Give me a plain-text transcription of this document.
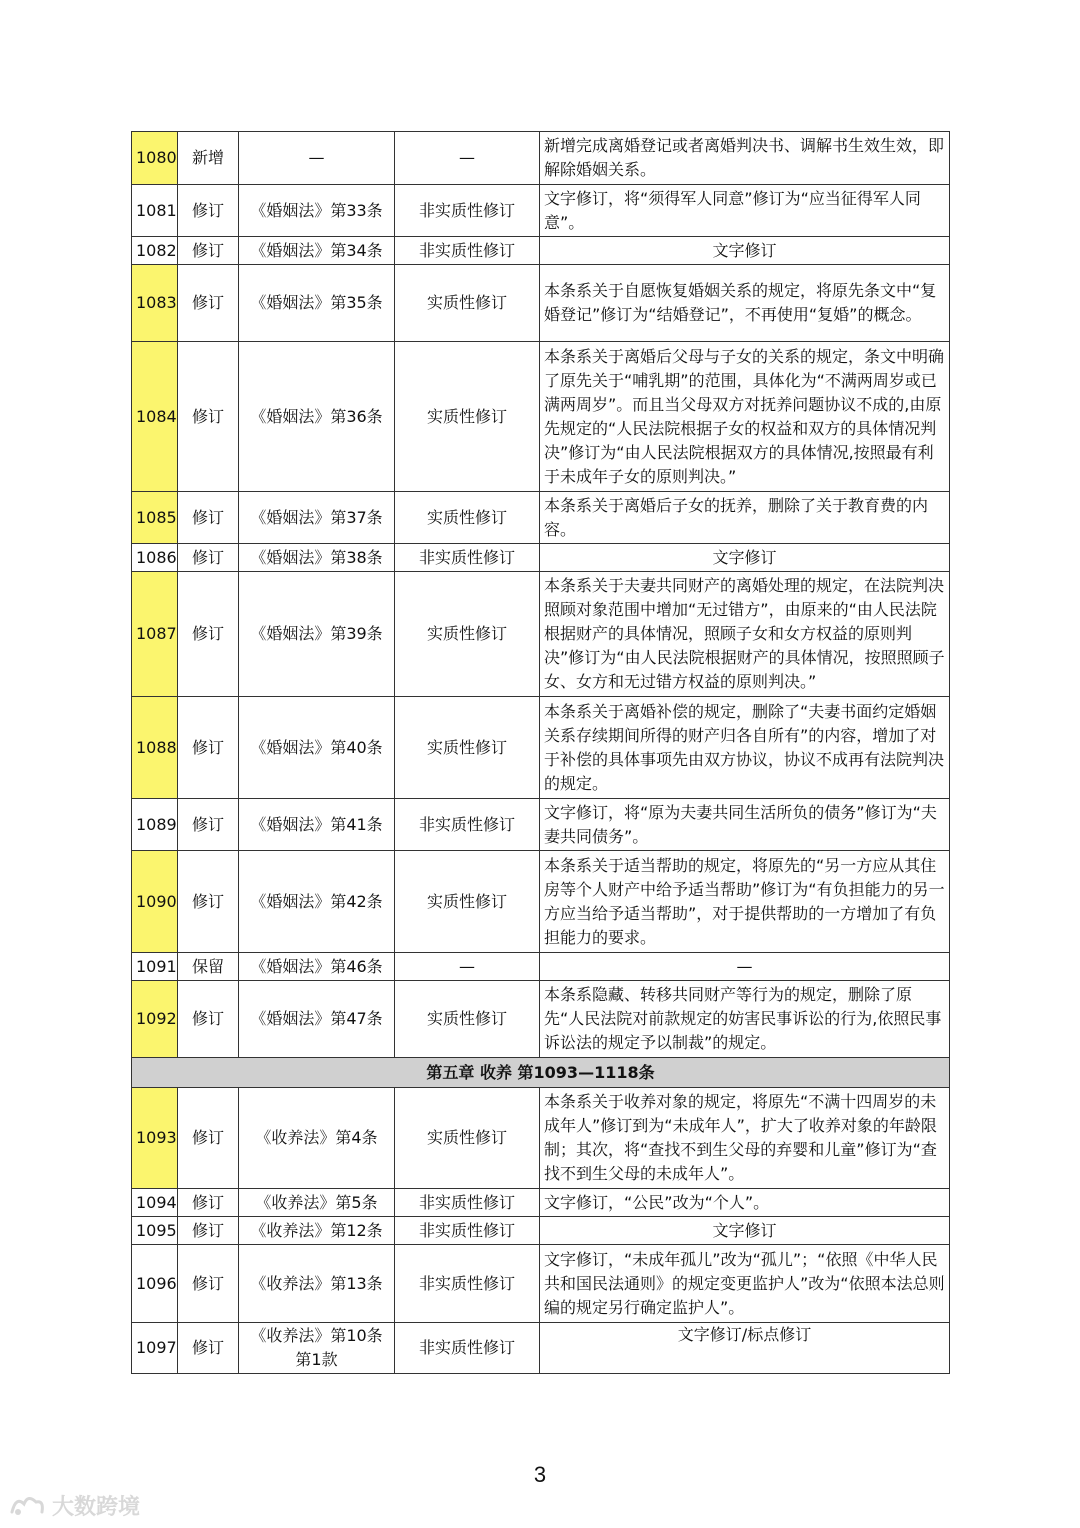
1080	新增	—	—	新增完成离婚登记或者离婚判决书、调解书生效生效，即解除婚姻关系。
1081	修订	《婚姻法》第33条	非实质性修订	文字修订，将“须得军人同意”修订为“应当征得军人同意”。
1082	修订	《婚姻法》第34条	非实质性修订	文字修订
1083	修订	《婚姻法》第35条	实质性修订	本条系关于自愿恢复婚姻关系的规定，将原先条文中“复婚登记”修订为“结婚登记”，不再使用“复婚”的概念。
1084	修订	《婚姻法》第36条	实质性修订	本条系关于离婚后父母与子女的关系的规定，条文中明确了原先关于“哺乳期”的范围，具体化为“不满两周岁或已满两周岁”。而且当父母双方对抚养问题协议不成的,由原先规定的“人民法院根据子女的权益和双方的具体情况判决”修订为“由人民法院根据双方的具体情况,按照最有利于未成年子女的原则判决。”
1085	修订	《婚姻法》第37条	实质性修订	本条系关于离婚后子女的抚养，删除了关于教育费的内容。
1086	修订	《婚姻法》第38条	非实质性修订	文字修订
1087	修订	《婚姻法》第39条	实质性修订	本条系关于夫妻共同财产的离婚处理的规定，在法院判决照顾对象范围中增加“无过错方”，由原来的“由人民法院根据财产的具体情况，照顾子女和女方权益的原则判决”修订为“由人民法院根据财产的具体情况，按照照顾子女、女方和无过错方权益的原则判决。”
1088	修订	《婚姻法》第40条	实质性修订	本条系关于离婚补偿的规定，删除了“夫妻书面约定婚姻关系存续期间所得的财产归各自所有”的内容，增加了对于补偿的具体事项先由双方协议，协议不成再有法院判决的规定。
1089	修订	《婚姻法》第41条	非实质性修订	文字修订，将“原为夫妻共同生活所负的债务”修订为“夫妻共同债务”。
1090	修订	《婚姻法》第42条	实质性修订	本条系关于适当帮助的规定，将原先的“另一方应从其住房等个人财产中给予适当帮助”修订为“有负担能力的另一方应当给予适当帮助”，对于提供帮助的一方增加了有负担能力的要求。
1091	保留	《婚姻法》第46条	—	—
1092	修订	《婚姻法》第47条	实质性修订	本条系隐藏、转移共同财产等行为的规定，删除了原先“人民法院对前款规定的妨害民事诉讼的行为,依照民事诉讼法的规定予以制裁”的规定。
第五章 收养 第1093—1118条				
1093	修订	《收养法》第4条	实质性修订	本条系关于收养对象的规定，将原先“不满十四周岁的未成年人”修订到为“未成年人”，扩大了收养对象的年龄限制；其次，将“查找不到生父母的弃婴和儿童”修订为“查找不到生父母的未成年人”。
1094	修订	《收养法》第5条	非实质性修订	文字修订，“公民”改为“个人”。
1095	修订	《收养法》第12条	非实质性修订	文字修订
1096	修订	《收养法》第13条	非实质性修订	文字修订，“未成年孤儿”改为“孤儿”；“依照《中华人民共和国民法通则》的规定变更监护人”改为“依照本法总则编的规定另行确定监护人”。
1097	修订	《收养法》第10条第1款	非实质性修订	文字修订/标点修订
3
大数跨境
